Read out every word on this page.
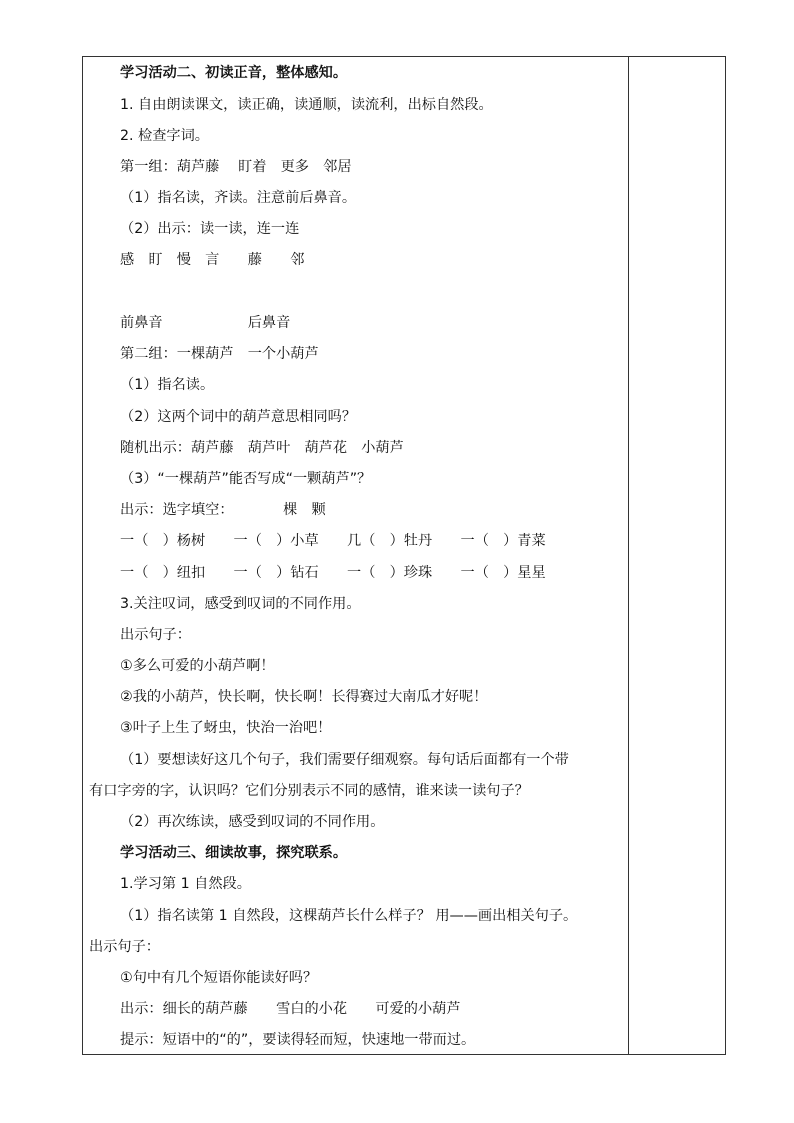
学习活动二、初读正音，整体感知。
1. 自由朗读课文，读正确，读通顺，读流利，出标自然段。
2. 检查字词。
第一组：葫芦藤　 盯着　更多　邻居
（1）指名读，齐读。注意前后鼻音。
（2）出示：读一读，连一连
感　盯　慢　言　　藤　　邻
前鼻音　　　　　　后鼻音
第二组：一棵葫芦　一个小葫芦
（1）指名读。
（2）这两个词中的葫芦意思相同吗？
随机出示：葫芦藤　葫芦叶　葫芦花　小葫芦
（3）“一棵葫芦”能否写成“一颗葫芦”？
出示：选字填空：　　　　棵　颗
一（　）杨树　　一（　）小草　　几（　）牡丹　　一（　）青菜
一（　）纽扣　　一（　）钻石　　一（　）珍珠　　一（　）星星
3.关注叹词，感受到叹词的不同作用。
出示句子：
①多么可爱的小葫芦啊！
②我的小葫芦，快长啊，快长啊！长得赛过大南瓜才好呢！
③叶子上生了蚜虫，快治一治吧！
（1）要想读好这几个句子，我们需要仔细观察。每句话后面都有一个带
有口字旁的字，认识吗？它们分别表示不同的感情，谁来读一读句子？
（2）再次练读，感受到叹词的不同作用。
学习活动三、细读故事，探究联系。
1.学习第 1 自然段。
（1）指名读第 1 自然段，这棵葫芦长什么样子？ 用——画出相关句子。
出示句子：
①句中有几个短语你能读好吗？
出示：细长的葫芦藤　　雪白的小花　　可爱的小葫芦
提示：短语中的“的”，要读得轻而短，快速地一带而过。
